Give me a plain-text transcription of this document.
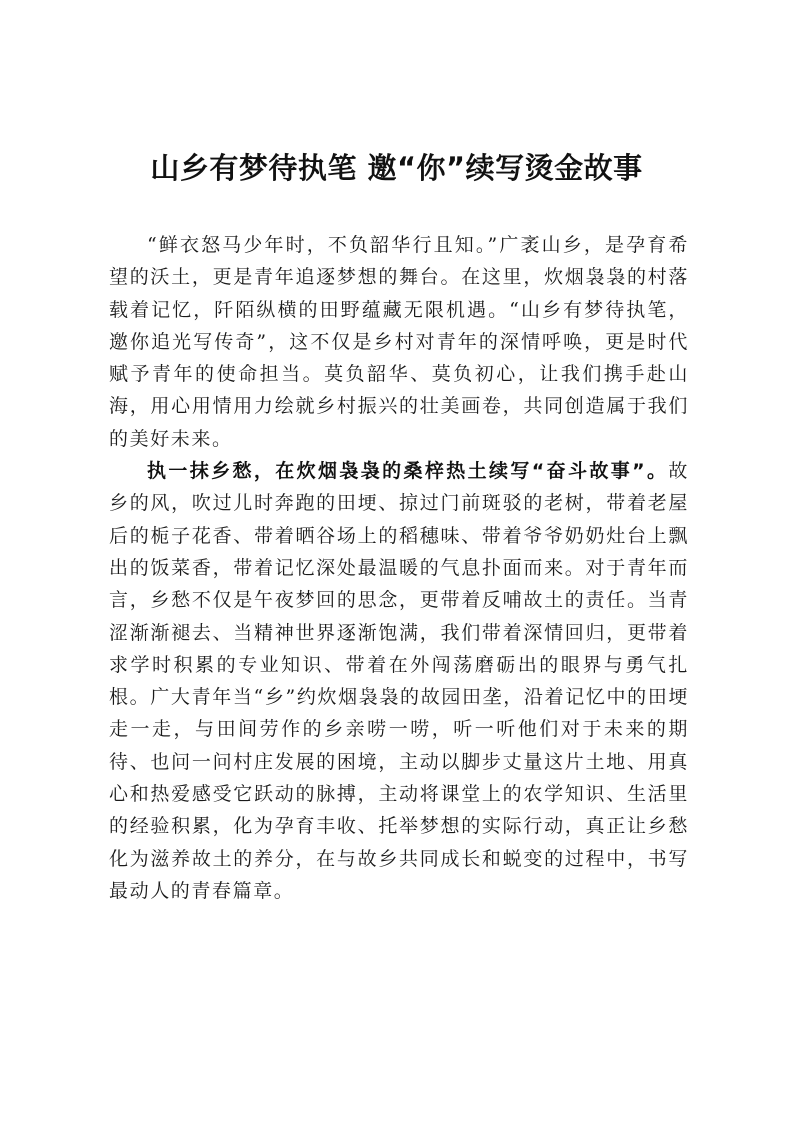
山乡有梦待执笔 邀“你”续写烫金故事

“鲜衣怒马少年时，不负韶华行且知。”广袤山乡，是孕育希望的沃土，更是青年追逐梦想的舞台。在这里，炊烟袅袅的村落载着记忆，阡陌纵横的田野蕴藏无限机遇。“山乡有梦待执笔，邀你追光写传奇”，这不仅是乡村对青年的深情呼唤，更是时代赋予青年的使命担当。莫负韶华、莫负初心，让我们携手赴山海，用心用情用力绘就乡村振兴的壮美画卷，共同创造属于我们的美好未来。

执一抹乡愁，在炊烟袅袅的桑梓热土续写“奋斗故事”。故乡的风，吹过儿时奔跑的田埂、掠过门前斑驳的老树，带着老屋后的栀子花香、带着晒谷场上的稻穗味、带着爷爷奶奶灶台上飘出的饭菜香，带着记忆深处最温暖的气息扑面而来。对于青年而言，乡愁不仅是午夜梦回的思念，更带着反哺故土的责任。当青涩渐渐褪去、当精神世界逐渐饱满，我们带着深情回归，更带着求学时积累的专业知识、带着在外闯荡磨砺出的眼界与勇气扎根。广大青年当“乡”约炊烟袅袅的故园田垄，沿着记忆中的田埂走一走，与田间劳作的乡亲唠一唠，听一听他们对于未来的期待、也问一问村庄发展的困境，主动以脚步丈量这片土地、用真心和热爱感受它跃动的脉搏，主动将课堂上的农学知识、生活里的经验积累，化为孕育丰收、托举梦想的实际行动，真正让乡愁化为滋养故土的养分，在与故乡共同成长和蜕变的过程中，书写最动人的青春篇章。
